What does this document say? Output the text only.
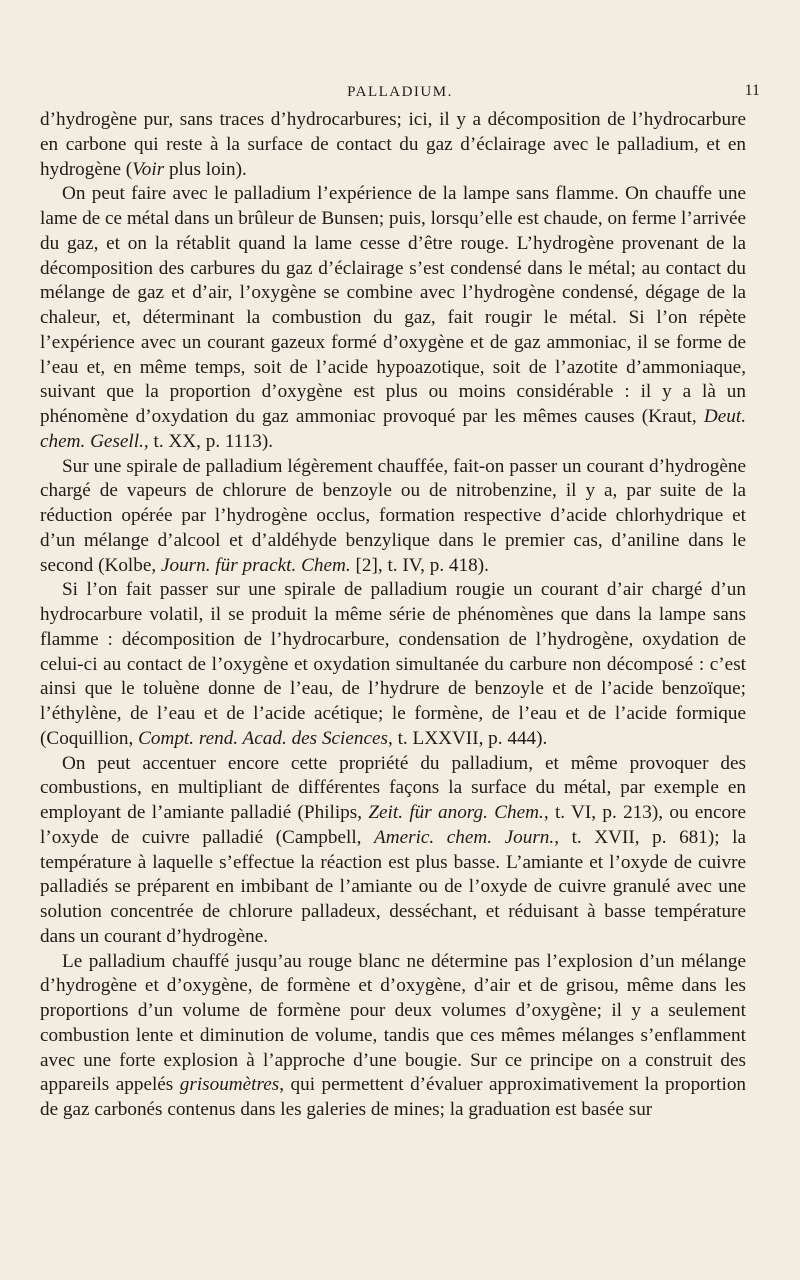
PALLADIUM.	11

d’hydrogène pur, sans traces d’hydrocarbures; ici, il y a décomposition de l’hydrocarbure en carbone qui reste à la surface de contact du gaz d’éclairage avec le palladium, et en hydrogène (Voir plus loin).

On peut faire avec le palladium l’expérience de la lampe sans flamme. On chauffe une lame de ce métal dans un brûleur de Bunsen; puis, lorsqu’elle est chaude, on ferme l’arrivée du gaz, et on la rétablit quand la lame cesse d’être rouge. L’hydrogène provenant de la décomposition des carbures du gaz d’éclairage s’est condensé dans le métal; au contact du mélange de gaz et d’air, l’oxygène se combine avec l’hydrogène condensé, dégage de la chaleur, et, déterminant la combustion du gaz, fait rougir le métal. Si l’on répète l’expérience avec un courant gazeux formé d’oxygène et de gaz ammoniac, il se forme de l’eau et, en même temps, soit de l’acide hypoazotique, soit de l’azotite d’ammoniaque, suivant que la proportion d’oxygène est plus ou moins considérable : il y a là un phénomène d’oxydation du gaz ammoniac provoqué par les mêmes causes (Kraut, Deut. chem. Gesell., t. XX, p. 1113).

Sur une spirale de palladium légèrement chauffée, fait-on passer un courant d’hydrogène chargé de vapeurs de chlorure de benzoyle ou de nitrobenzine, il y a, par suite de la réduction opérée par l’hydrogène occlus, formation respective d’acide chlorhydrique et d’un mélange d’alcool et d’aldéhyde benzylique dans le premier cas, d’aniline dans le second (Kolbe, Journ. für prackt. Chem. [2], t. IV, p. 418).

Si l’on fait passer sur une spirale de palladium rougie un courant d’air chargé d’un hydrocarbure volatil, il se produit la même série de phénomènes que dans la lampe sans flamme : décomposition de l’hydrocarbure, condensation de l’hydrogène, oxydation de celui-ci au contact de l’oxygène et oxydation simultanée du carbure non décomposé : c’est ainsi que le toluène donne de l’eau, de l’hydrure de benzoyle et de l’acide benzoïque; l’éthylène, de l’eau et de l’acide acétique; le formène, de l’eau et de l’acide formique (Coquillion, Compt. rend. Acad. des Sciences, t. LXXVII, p. 444).

On peut accentuer encore cette propriété du palladium, et même provoquer des combustions, en multipliant de différentes façons la surface du métal, par exemple en employant de l’amiante palladié (Philips, Zeit. für anorg. Chem., t. VI, p. 213), ou encore l’oxyde de cuivre palladié (Campbell, Americ. chem. Journ., t. XVII, p. 681); la température à laquelle s’effectue la réaction est plus basse. L’amiante et l’oxyde de cuivre palladiés se préparent en imbibant de l’amiante ou de l’oxyde de cuivre granulé avec une solution concentrée de chlorure palladeux, desséchant, et réduisant à basse température dans un courant d’hydrogène.

Le palladium chauffé jusqu’au rouge blanc ne détermine pas l’explosion d’un mélange d’hydrogène et d’oxygène, de formène et d’oxygène, d’air et de grisou, même dans les proportions d’un volume de formène pour deux volumes d’oxygène; il y a seulement combustion lente et diminution de volume, tandis que ces mêmes mélanges s’enflamment avec une forte explosion à l’approche d’une bougie. Sur ce principe on a construit des appareils appelés grisoumètres, qui permettent d’évaluer approximativement la proportion de gaz carbonés contenus dans les galeries de mines; la graduation est basée sur
